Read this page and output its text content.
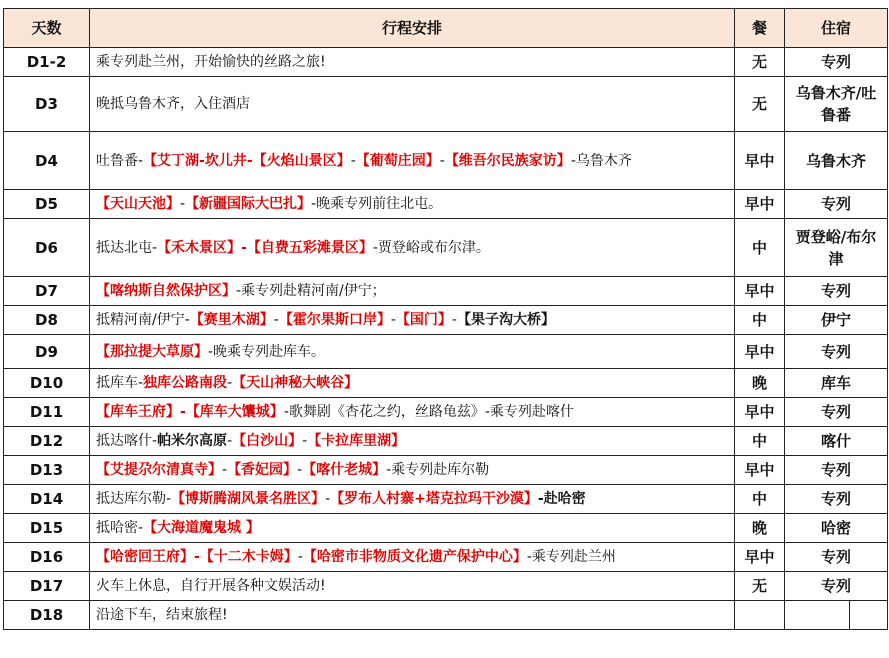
天数	行程安排	餐	住宿
D1-2	乘专列赴兰州，开始愉快的丝路之旅!	无	专列
D3	晚抵乌鲁木齐，入住酒店	无	乌鲁木齐/吐鲁番
D4	吐鲁番-【艾丁湖-坎儿井-【火焰山景区】-【葡萄庄园】-【维吾尔民族家访】-乌鲁木齐	早中	乌鲁木齐
D5	【天山天池】-【新疆国际大巴扎】-晚乘专列前往北屯。	早中	专列
D6	抵达北屯-【禾木景区】-【自费五彩滩景区】-贾登峪或布尔津。	中	贾登峪/布尔津
D7	【喀纳斯自然保护区】-乘专列赴精河南/伊宁；	早中	专列
D8	抵精河南/伊宁-【赛里木湖】-【霍尔果斯口岸】-【国门】-【果子沟大桥】	中	伊宁
D9	【那拉提大草原】-晚乘专列赴库车。	早中	专列
D10	抵库车-独库公路南段-【天山神秘大峡谷】	晚	库车
D11	【库车王府】-【库车大馕城】-歌舞剧《杏花之约，丝路龟兹》-乘专列赴喀什	早中	专列
D12	抵达喀什-帕米尔高原-【白沙山】-【卡拉库里湖】	中	喀什
D13	【艾提尕尔清真寺】-【香妃园】-【喀什老城】-乘专列赴库尔勒	早中	专列
D14	抵达库尔勒-【博斯腾湖风景名胜区】-【罗布人村寨+塔克拉玛干沙漠】-赴哈密	中	专列
D15	抵哈密-【大海道魔鬼城 】	晚	哈密
D16	【哈密回王府】-【十二木卡姆】-【哈密市非物质文化遗产保护中心】-乘专列赴兰州	早中	专列
D17	火车上休息，自行开展各种文娱活动!	无	专列
D18	沿途下车，结束旅程!		
